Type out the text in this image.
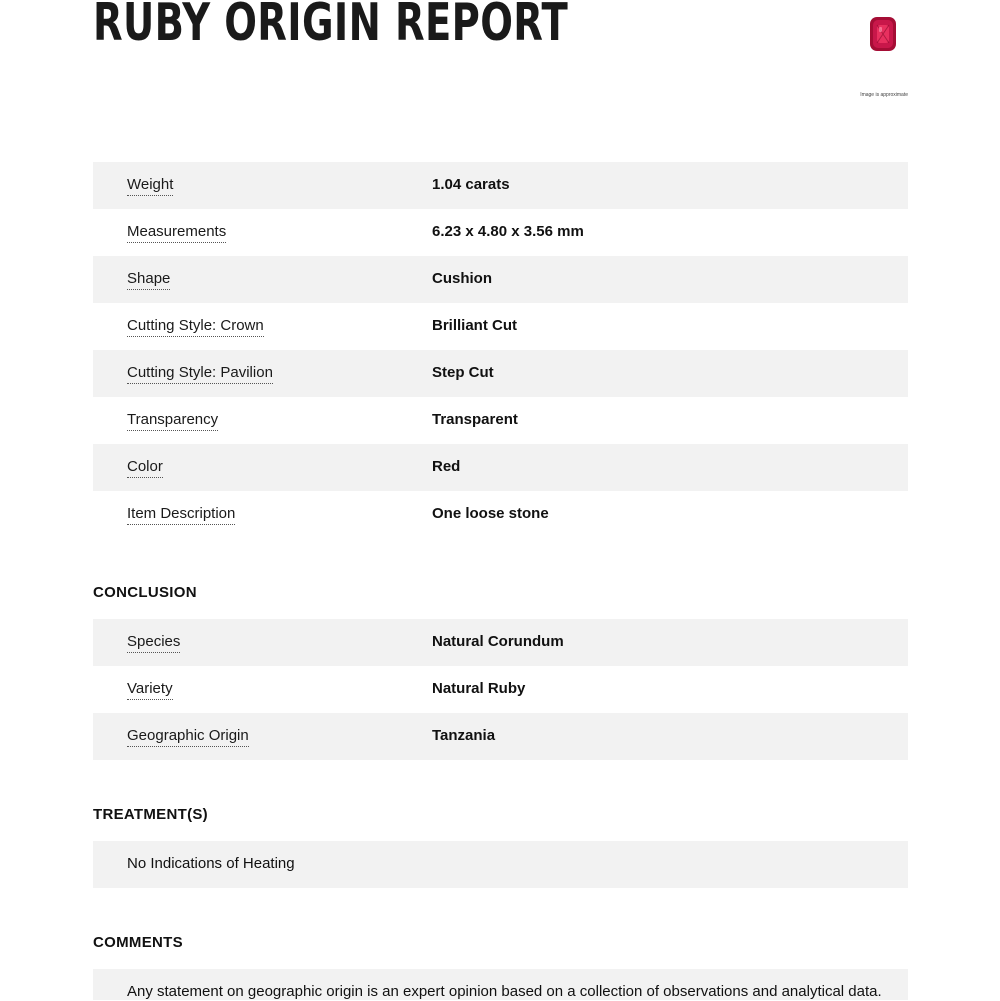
RUBY ORIGIN REPORT
Image is approximate
Weight	1.04 carats
Measurements	6.23 x 4.80 x 3.56 mm
Shape	Cushion
Cutting Style: Crown	Brilliant Cut
Cutting Style: Pavilion	Step Cut
Transparency	Transparent
Color	Red
Item Description	One loose stone
CONCLUSION
Species	Natural Corundum
Variety	Natural Ruby
Geographic Origin	Tanzania
TREATMENT(S)
No Indications of Heating
COMMENTS
Any statement on geographic origin is an expert opinion based on a collection of observations and analytical data.
